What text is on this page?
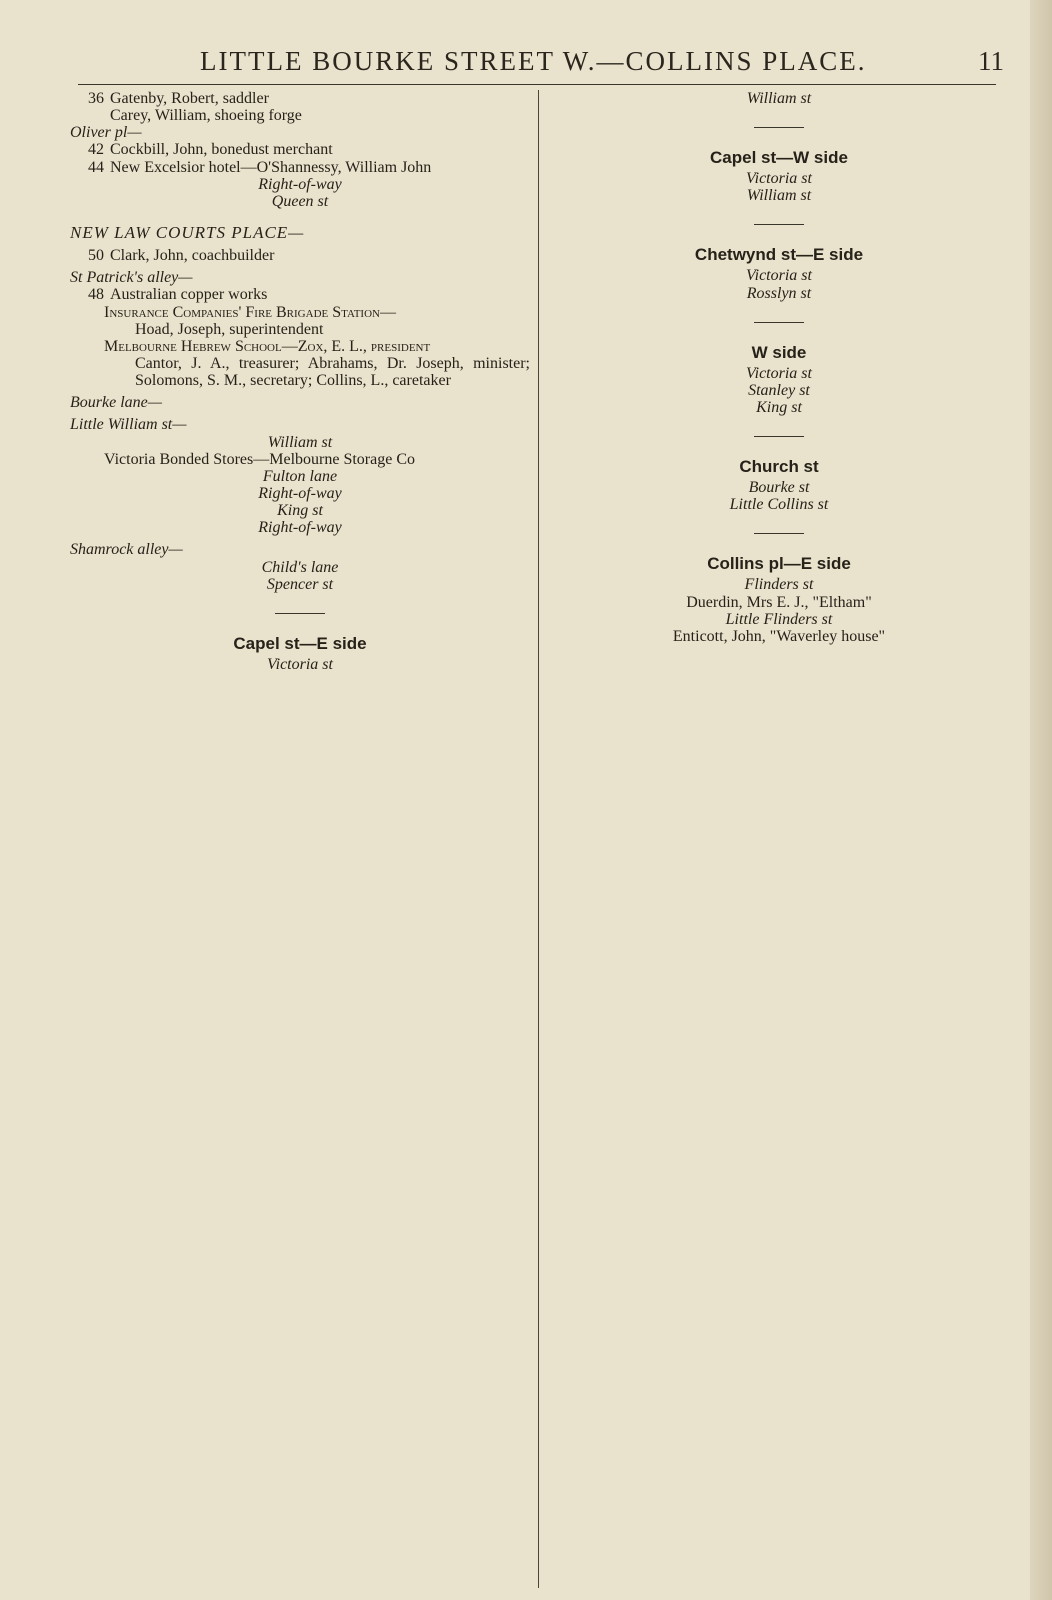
LITTLE BOURKE STREET W.—COLLINS PLACE.	11
36 Gatenby, Robert, saddler
Carey, William, shoeing forge
Oliver pl—
42 Cockbill, John, bonedust merchant
44 New Excelsior hotel—O'Shannessy, William John
Right-of-way
Queen st
NEW LAW COURTS PLACE—
50 Clark, John, coachbuilder
St Patrick's alley—
48 Australian copper works
Insurance Companies' Fire Brigade Station—
Hoad, Joseph, superintendent
Melbourne Hebrew School—Zox, E. L., president
Cantor, J. A., treasurer; Abrahams, Dr. Joseph, minister; Solomons, S. M., secretary; Collins, L., caretaker
Bourke lane—
Little William st—
William st
Victoria Bonded Stores—Melbourne Storage Co
Fulton lane
Right-of-way
King st
Right-of-way
Shamrock alley—
Child's lane
Spencer st
Capel st—E side
Victoria st
William st
Capel st—W side
Victoria st
William st
Chetwynd st—E side
Victoria st
Rosslyn st
W side
Victoria st
Stanley st
King st
Church st
Bourke st
Little Collins st
Collins pl—E side
Flinders st
Duerdin, Mrs E. J., "Eltham"
Little Flinders st
Enticott, John, "Waverley house"
